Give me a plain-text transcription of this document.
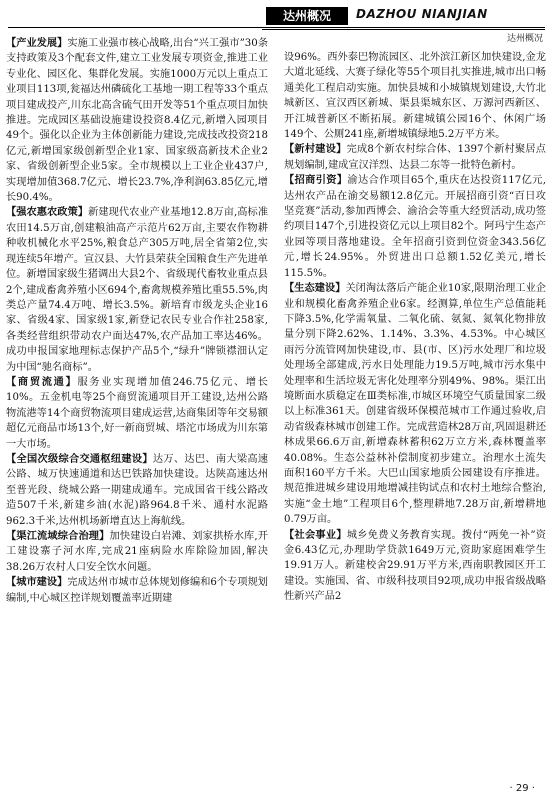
达州概况	DAZHOU NIANJIAN
达州概况

【产业发展】实施工业强市核心战略,出台“兴工强市”30条支持政策及3个配套文件,建立工业发展专项资金,推进工业专业化、园区化、集群化发展。实施1000万元以上重点工业项目113项,瓮福达州磷硫化工基地一期工程等33个重点项目建成投产,川东北高含硫气田开发等51个重点项目加快推进。完成园区基础设施建设投资8.4亿元,新增入园项目49个。强化以企业为主体创新能力建设,完成技改投资218亿元,新增国家级创新型企业1家、国家级高新技术企业2家、省级创新型企业5家。全市规模以上工业企业437户,实现增加值368.7亿元、增长23.7%,净利润63.85亿元,增长90.4%。

【强农惠农政策】新建现代农业产业基地12.8万亩,高标准农田14.5万亩,创建粮油高产示范片62万亩,主要农作物耕种收机械化水平25%,粮食总产305万吨,居全省第2位,实现连续5年增产。宣汉县、大竹县荣获全国粮食生产先进单位。新增国家级生猪调出大县2个、省级现代畜牧业重点县2个,建成畜禽养殖小区694个,畜禽规模养殖比重55.5%,肉类总产量74.4万吨、增长3.5%。新培育市级龙头企业16家、省级4家、国家级1家,新登记农民专业合作社258家,各类经营组织带动农户面达47%,农产品加工率达46%。成功申报国家地理标志保护产品5个,“绿升”牌锁襟沺认定为中国“驰名商标”。

【商贸流通】服务业实现增加值246.75亿元、增长10%。五金机电等25个商贸流通项目开工建设,达州公路物流港等14个商贸物流项目建成运营,达商集团等年交易额超亿元商品市场13个,好一新商贸城、塔沱市场成为川东第一大市场。

【全国次级综合交通枢纽建设】达万、达巴、南大梁高速公路、城万快速通道和达巴铁路加快建设。达陕高速达州至普光段、绕城公路一期建成通车。完成国省干线公路改造507千米,新建乡油(水泥)路964.8千米、通村水泥路962.3千米,达州机场新增直达上海航线。

【渠江流域综合治理】加快建设白岩滩、刘家拱桥水库,开工建设寨子河水库,完成21座病险水库除险加固,解决38.26万农村人口安全饮水问题。

【城市建设】完成达州市城市总体规划修编和6个专项规划编制,中心城区控详规划覆盖率近期建

设96%。西外泰巴物流园区、北外滨江新区加快建设,金龙大道北延线、大赛子绿化等55个项目扎实推进,城市出口畅通美化工程启动实施。加快县城和小城镇规划建设,大竹北城新区、宣汉西区新城、渠县渠城东区、万源河西新区、开江城普新区不断拓展。新建城镇公园16个、休闲广场149个、公厕241座,新增城镇绿地5.2万平方米。

【新村建设】完成8个新农村综合体、1397个新村聚居点规划编制,建成宣汉洋烈、达县二东等一批特色新村。

【招商引资】渝达合作项目65个,重庆在达投资117亿元,达州农产品在渝交易额12.8亿元。开展招商引资“百日攻坚竞赛”活动,参加西博会、渝洽会等重大经贸活动,成功签约项目147个,引进投资亿元以上项目82个。阿玛宁生态产业园等项目落地建设。全年招商引资到位资金343.56亿元,增长24.95%。外贸进出口总额1.52亿美元,增长115.5%。

【生态建设】关闭淘汰落后产能企业10家,限期治理工业企业和规模化畜禽养殖企业6家。经测算,单位生产总值能耗下降3.5%,化学需氧量、二氧化硫、氨氮、氮氧化物排放量分别下降2.62%、1.14%、3.3%、4.53%。中心城区雨污分流管网加快建设,市、县(市、区)污水处理厂和垃圾处理场全部建成,污水日处理能力19.5万吨,城市污水集中处理率和生活垃圾无害化处理率分别49%、98%。渠江出境断面水质稳定在Ⅲ类标准,市城区环境空气质量国家二级以上标准361天。创建省级环保模范城市工作通过验收,启动省级森林城市创建工作。完成营造林28万亩,巩固退耕还林成果66.6万亩,新增森林蓄积62万立方米,森林覆盖率40.08%。生态公益林补偿制度初步建立。治理水土流失面积160平方千米。大巴山国家地质公园建设有序推进。规范推进城乡建设用地增减挂钩试点和农村土地综合整治,实施“金土地”工程项目6个,整理耕地7.28万亩,新增耕地0.79万亩。

【社会事业】城乡免费义务教育实现。拨付“两免一补”资金6.43亿元,办理助学贷款1649万元,资助家庭困难学生19.91万人。新建校舍29.91万平方米,西南职教园区开工建设。实施国、省、市级科技项目92项,成功申报省级战略性新兴产品2

· 29 ·
